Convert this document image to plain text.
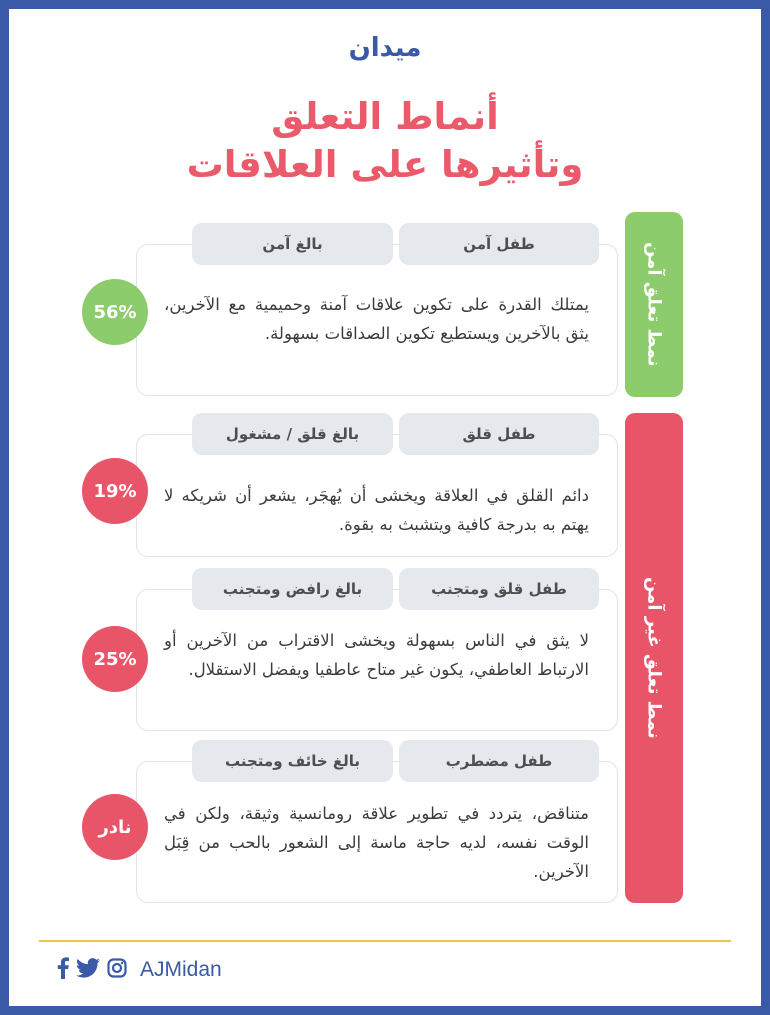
ميدان
أنماط التعلق
وتأثيرها على العلاقات
نمط تعلق آمن
نمط تعلق غير آمن
طفل آمن
بالغ آمن
يمتلك القدرة على تكوين علاقات آمنة وحميمية مع الآخرين، يثق بالآخرين ويستطيع تكوين الصداقات بسهولة.
56%
طفل قلق
بالغ قلق / مشغول
دائم القلق في العلاقة ويخشى أن يُهجَر، يشعر أن شريكه لا يهتم به بدرجة كافية ويتشبث به بقوة.
19%
طفل قلق ومتجنب
بالغ رافض ومتجنب
لا يثق في الناس بسهولة ويخشى الاقتراب من الآخرين أو الارتباط العاطفي، يكون غير متاح عاطفيا ويفضل الاستقلال.
25%
طفل مضطرب
بالغ خائف ومتجنب
متناقض، يتردد في تطوير علاقة رومانسية وثيقة، ولكن في الوقت نفسه، لديه حاجة ماسة إلى الشعور بالحب من قِبَل الآخرين.
نادر
AJMidan
